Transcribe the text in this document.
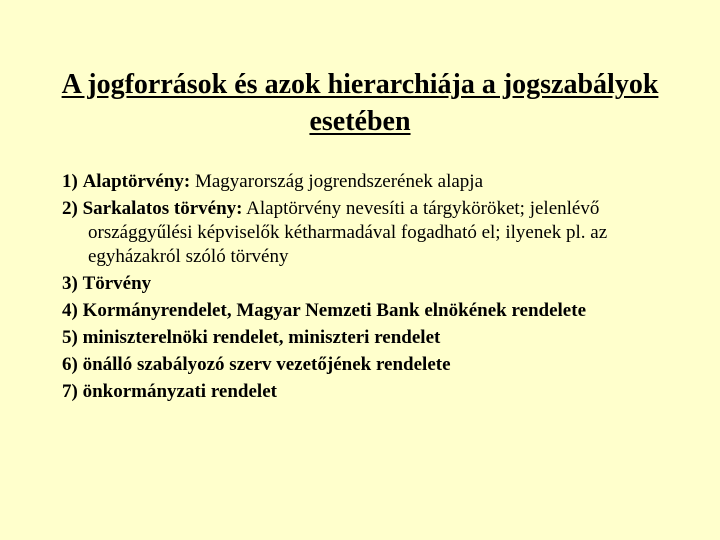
A jogforrások és azok hierarchiája a jogszabályok esetében
1) Alaptörvény: Magyarország jogrendszerének alapja
2) Sarkalatos törvény: Alaptörvény nevesíti a tárgyköröket; jelenlévő országgyűlési képviselők kétharmadával fogadható el; ilyenek pl. az egyházakról szóló törvény
3) Törvény
4) Kormányrendelet, Magyar Nemzeti Bank elnökének rendelete
5) miniszterelnöki rendelet, miniszteri rendelet
6) önálló szabályozó szerv vezetőjének rendelete
7) önkormányzati rendelet
